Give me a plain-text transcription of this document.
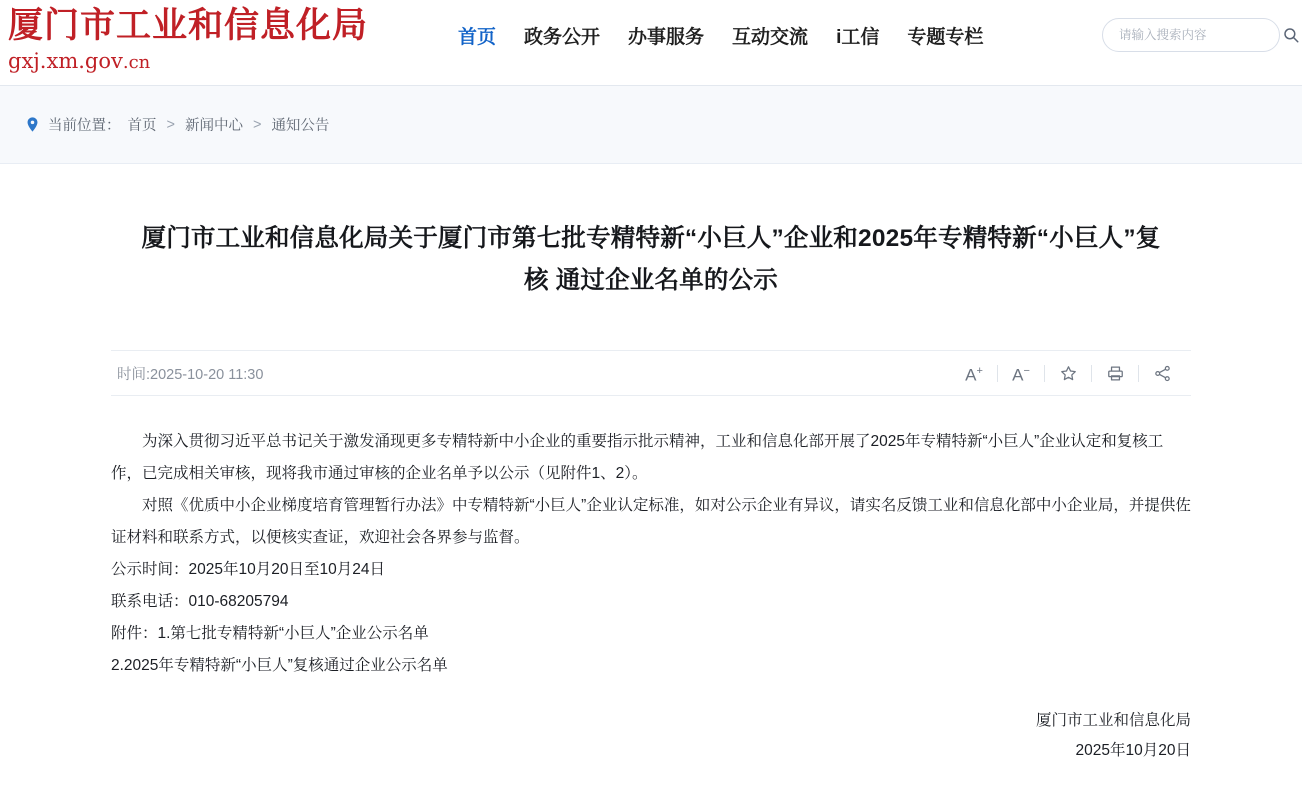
厦门市工业和信息化局
gxj.xm.gov.cn
首页 政务公开 办事服务 互动交流 i工信 专题专栏
请输入搜索内容
当前位置： 首页 > 新闻中心 > 通知公告
厦门市工业和信息化局关于厦门市第七批专精特新“小巨人”企业和2025年专精特新“小巨人”复核 通过企业名单的公示
时间:2025-10-20 11:30	A+	A−

为深入贯彻习近平总书记关于激发涌现更多专精特新中小企业的重要指示批示精神，工业和信息化部开展了2025年专精特新“小巨人”企业认定和复核工作，已完成相关审核，现将我市通过审核的企业名单予以公示（见附件1、2）。

对照《优质中小企业梯度培育管理暂行办法》中专精特新“小巨人”企业认定标准，如对公示企业有异议，请实名反馈工业和信息化部中小企业局，并提供佐证材料和联系方式，以便核实查证，欢迎社会各界参与监督。

公示时间：2025年10月20日至10月24日

联系电话：010-68205794

附件：1.第七批专精特新“小巨人”企业公示名单

2.2025年专精特新“小巨人”复核通过企业公示名单

厦门市工业和信息化局
2025年10月20日
